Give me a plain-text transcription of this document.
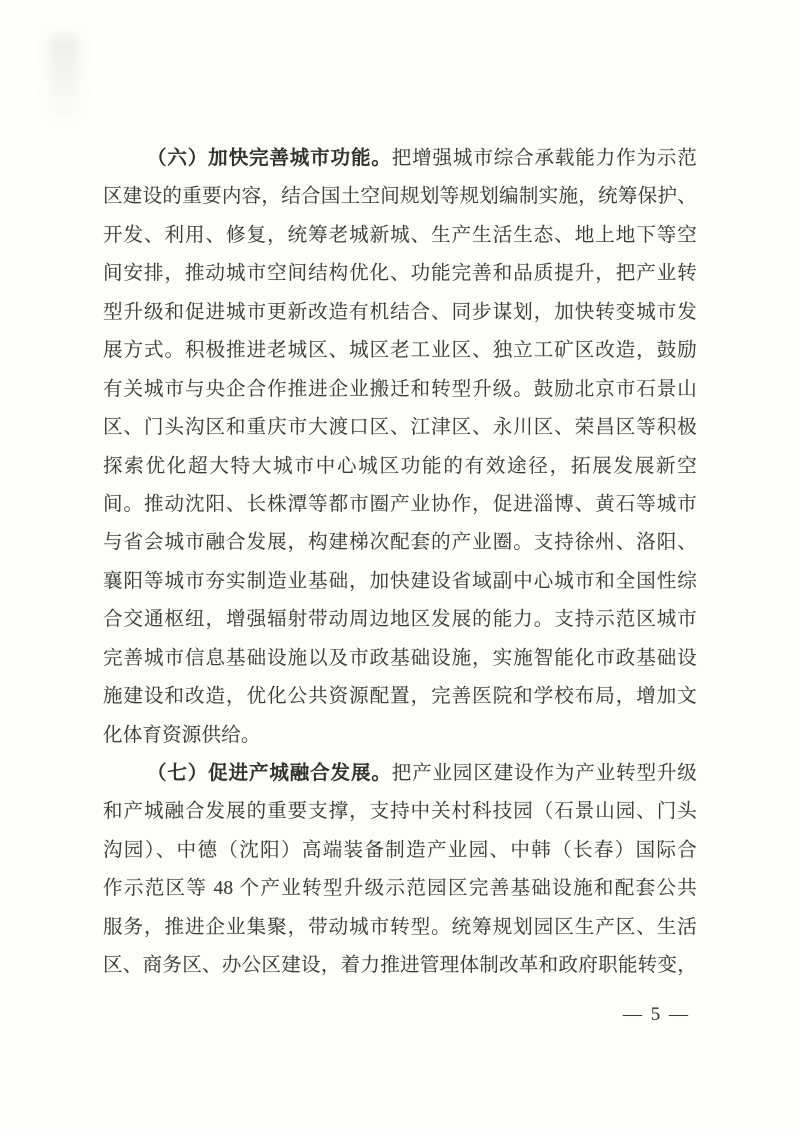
（六）加快完善城市功能。把增强城市综合承载能力作为示范
区建设的重要内容，结合国土空间规划等规划编制实施，统筹保护、
开发、利用、修复，统筹老城新城、生产生活生态、地上地下等空
间安排，推动城市空间结构优化、功能完善和品质提升，把产业转
型升级和促进城市更新改造有机结合、同步谋划，加快转变城市发
展方式。积极推进老城区、城区老工业区、独立工矿区改造，鼓励
有关城市与央企合作推进企业搬迁和转型升级。鼓励北京市石景山
区、门头沟区和重庆市大渡口区、江津区、永川区、荣昌区等积极
探索优化超大特大城市中心城区功能的有效途径，拓展发展新空
间。推动沈阳、长株潭等都市圈产业协作，促进淄博、黄石等城市
与省会城市融合发展，构建梯次配套的产业圈。支持徐州、洛阳、
襄阳等城市夯实制造业基础，加快建设省域副中心城市和全国性综
合交通枢纽，增强辐射带动周边地区发展的能力。支持示范区城市
完善城市信息基础设施以及市政基础设施，实施智能化市政基础设
施建设和改造，优化公共资源配置，完善医院和学校布局，增加文
化体育资源供给。
（七）促进产城融合发展。把产业园区建设作为产业转型升级
和产城融合发展的重要支撑，支持中关村科技园（石景山园、门头
沟园）、中德（沈阳）高端装备制造产业园、中韩（长春）国际合
作示范区等 48 个产业转型升级示范园区完善基础设施和配套公共
服务，推进企业集聚，带动城市转型。统筹规划园区生产区、生活
区、商务区、办公区建设，着力推进管理体制改革和政府职能转变，
— 5 —
